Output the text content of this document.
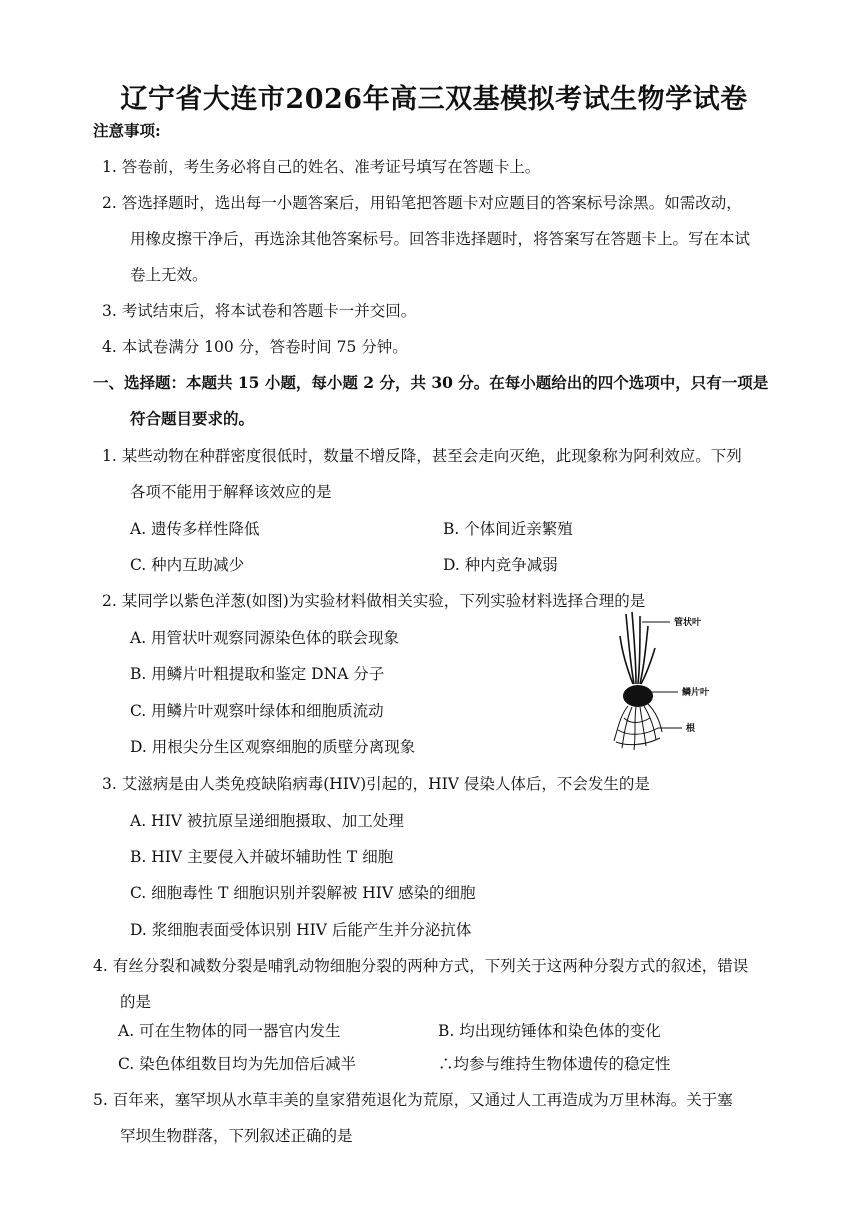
辽宁省大连市2026年高三双基模拟考试生物学试卷
注意事项:
1. 答卷前，考生务必将自己的姓名、准考证号填写在答题卡上。
2. 答选择题时，选出每一小题答案后，用铅笔把答题卡对应题目的答案标号涂黑。如需改动，
用橡皮擦干净后，再选涂其他答案标号。回答非选择题时，将答案写在答题卡上。写在本试
卷上无效。
3. 考试结束后，将本试卷和答题卡一并交回。
4. 本试卷满分 100 分，答卷时间 75 分钟。
一、选择题：本题共 15 小题，每小题 2 分，共 30 分。在每小题给出的四个选项中，只有一项是
符合题目要求的。
1. 某些动物在种群密度很低时，数量不增反降，甚至会走向灭绝，此现象称为阿利效应。下列
各项不能用于解释该效应的是
A. 遗传多样性降低	B. 个体间近亲繁殖
C. 种内互助减少	D. 种内竞争减弱
2. 某同学以紫色洋葱(如图)为实验材料做相关实验，下列实验材料选择合理的是
A. 用管状叶观察同源染色体的联会现象
B. 用鳞片叶粗提取和鉴定 DNA 分子
C. 用鳞片叶观察叶绿体和细胞质流动
D. 用根尖分生区观察细胞的质壁分离现象
管状叶
鳞片叶
根
3. 艾滋病是由人类免疫缺陷病毒(HIV)引起的，HIV 侵染人体后，不会发生的是
A. HIV 被抗原呈递细胞摄取、加工处理
B. HIV 主要侵入并破坏辅助性 T 细胞
C. 细胞毒性 T 细胞识别并裂解被 HIV 感染的细胞
D. 浆细胞表面受体识别 HIV 后能产生并分泌抗体
4. 有丝分裂和减数分裂是哺乳动物细胞分裂的两种方式，下列关于这两种分裂方式的叙述，错误
的是
A. 可在生物体的同一器官内发生	B. 均出现纺锤体和染色体的变化
C. 染色体组数目均为先加倍后减半	∴均参与维持生物体遗传的稳定性
5. 百年来，塞罕坝从水草丰美的皇家猎苑退化为荒原，又通过人工再造成为万里林海。关于塞
罕坝生物群落，下列叙述正确的是
